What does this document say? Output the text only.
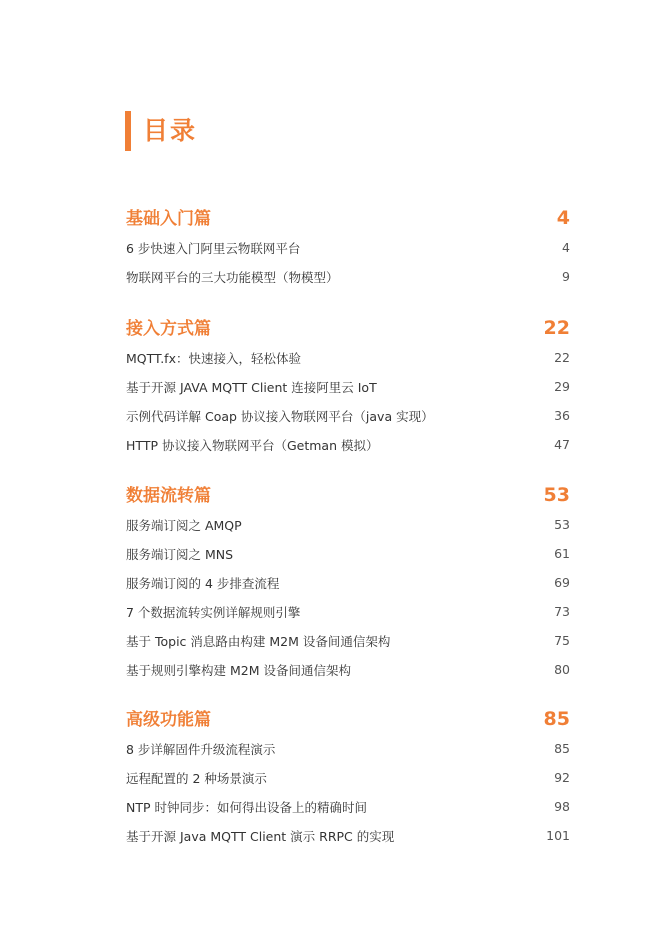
目录
基础入门篇	4
6 步快速入门阿里云物联网平台	4
物联网平台的三大功能模型（物模型）	9
接入方式篇	22
MQTT.fx：快速接入，轻松体验	22
基于开源 JAVA MQTT Client 连接阿里云 IoT	29
示例代码详解 Coap 协议接入物联网平台（java 实现）	36
HTTP 协议接入物联网平台（Getman 模拟）	47
数据流转篇	53
服务端订阅之 AMQP	53
服务端订阅之 MNS	61
服务端订阅的 4 步排查流程	69
7 个数据流转实例详解规则引擎	73
基于 Topic 消息路由构建 M2M 设备间通信架构	75
基于规则引擎构建 M2M 设备间通信架构	80
高级功能篇	85
8 步详解固件升级流程演示	85
远程配置的 2 种场景演示	92
NTP 时钟同步：如何得出设备上的精确时间	98
基于开源 Java MQTT Client 演示 RRPC 的实现	101
